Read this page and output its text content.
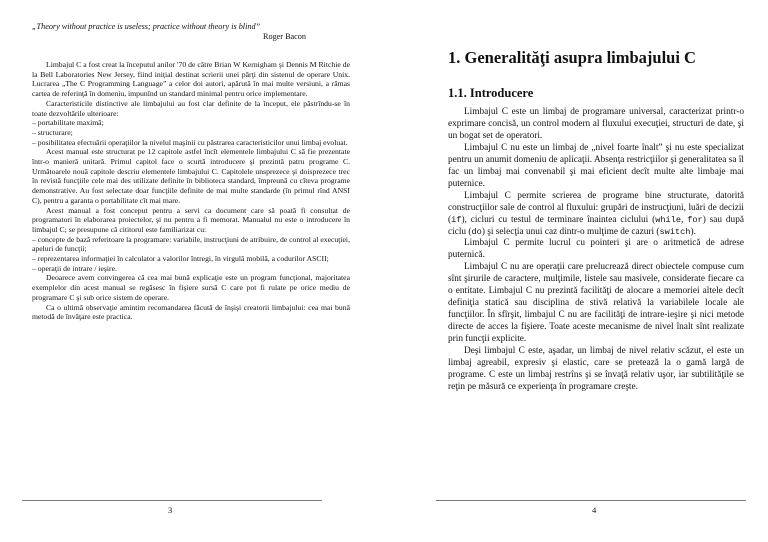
„Theory without practice is useless; practice without theory is blind”
Roger Bacon

Limbajul C a fost creat la începutul anilor '70 de către Brian W Kernigham şi Dennis M Ritchie de la Bell Laboratories New Jersey, fiind iniţial destinat scrierii unei părţi din sistenul de operare Unix. Lucrarea „The C Programming Language” a celor doi autori, apărută în mai multe versiuni, a rămas cartea de referinţă în domeniu, impunînd un standard minimal pentru orice implementare.

Caracteristicile distinctive ale limbajului au fost clar definite de la început, ele păstrîndu-se în toate dezvoltările ulterioare:

– portabilitate maximă;

– structurare;

– posibilitatea efectuării operaţiilor la nivelul maşinii cu păstrarea caracteristicilor unui limbaj evoluat.

Acest manual este structurat pe 12 capitole astfel încît elementele limbajului C să fie prezentate într-o manieră unitară. Primul capitol face o scurtă introducere şi prezintă patru programe C. Următoarele nouă capitole descriu elementele limbajului C. Capitolele unsprezece şi doisprezece trec în revistă funcţiile cele mai des utilizate definite în biblioteca standard, împreună cu cîteva programe demonstrative. Au fost selectate doar funcţiile definite de mai multe standarde (în primul rînd ANSI C), pentru a garanta o portabilitate cît mai mare.

Acest manual a fost conceput pentru a servi ca document care să poată fi consultat de programatori în elaborarea proiectelor, şi nu pentru a fi memorat. Manualul nu este o introducere în limbajul C; se presupune că cititorul este familiarizat cu:

– concepte de bază referitoare la programare: variabile, instrucţiuni de atribuire, de control al execuţiei, apeluri de funcţii;

– reprezentarea informaţiei în calculator a valorilor întregi, în virgulă mobilă, a codurilor ASCII;

– operaţii de intrare / ieşire.

Deoarece avem convingerea că cea mai bună explicaţie este un program funcţional, majoritatea exemplelor din acest manual se regăsesc în fişiere sursă C care pot fi rulate pe orice mediu de programare C şi sub orice sistem de operare.

Ca o ultimă observaţie amintim recomandarea făcută de înşişi creatorii limbajului: cea mai bună metodă de învăţare este practica.

3
1. Generalităţi asupra limbajului C
1.1. Introducere

Limbajul C este un limbaj de programare universal, caracterizat printr-o exprimare concisă, un control modern al fluxului execuţiei, structuri de date, şi un bogat set de operatori.

Limbajul C nu este un limbaj de „nivel foarte înalt” şi nu este specializat pentru un anumit domeniu de aplicaţii. Absenţa restricţiilor şi generalitatea sa îl fac un limbaj mai convenabil şi mai eficient decît multe alte limbaje mai puternice.

Limbajul C permite scrierea de programe bine structurate, datorită construcţiilor sale de control al fluxului: grupări de instrucţiuni, luări de decizii (if), cicluri cu testul de terminare înaintea ciclului (while, for) sau după ciclu (do) şi selecţia unui caz dintr-o mulţime de cazuri (switch).

Limbajul C permite lucrul cu pointeri şi are o aritmetică de adrese puternică.

Limbajul C nu are operaţii care prelucrează direct obiectele compuse cum sînt şirurile de caractere, mulţimile, listele sau masivele, considerate fiecare ca o entitate. Limbajul C nu prezintă facilităţi de alocare a memoriei altele decît definiţia statică sau disciplina de stivă relativă la variabilele locale ale funcţiilor. În sfîrşit, limbajul C nu are facilităţi de intrare-ieşire şi nici metode directe de acces la fişiere. Toate aceste mecanisme de nivel înalt sînt realizate prin funcţii explicite.

Deşi limbajul C este, aşadar, un limbaj de nivel relativ scăzut, el este un limbaj agreabil, expresiv şi elastic, care se pretează la o gamă largă de programe. C este un limbaj restrîns şi se învaţă relativ uşor, iar subtilităţile se reţin pe măsură ce experienţa în programare creşte.

4
